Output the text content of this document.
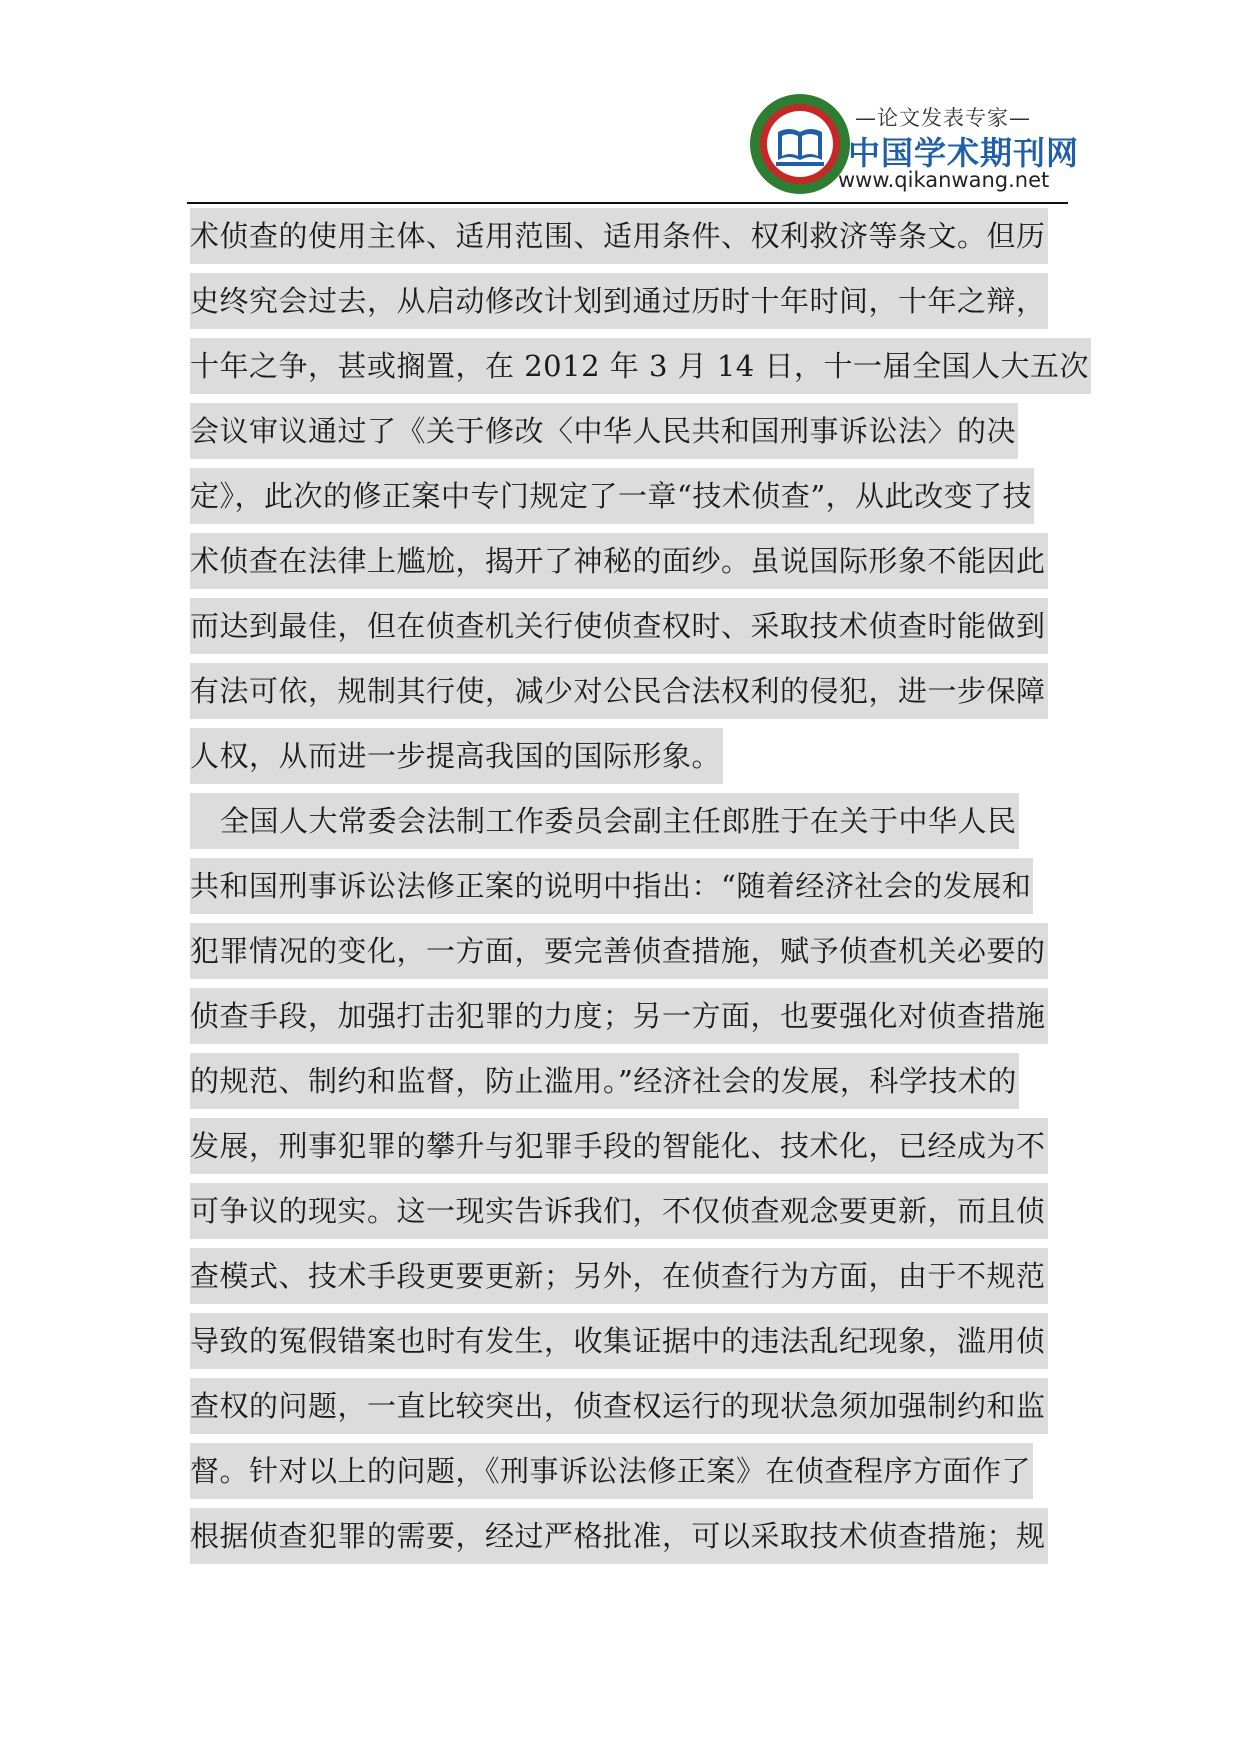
—论文发表专家—
中国学术期刊网
www.qikanwang.net
术侦查的使用主体、适用范围、适用条件、权利救济等条文。但历
史终究会过去，从启动修改计划到通过历时十年时间，十年之辩，
十年之争，甚或搁置，在 2012 年 3 月 14 日，十一届全国人大五次
会议审议通过了《关于修改〈中华人民共和国刑事诉讼法〉的决
定》，此次的修正案中专门规定了一章“技术侦查”，从此改变了技
术侦查在法律上尴尬，揭开了神秘的面纱。虽说国际形象不能因此
而达到最佳，但在侦查机关行使侦查权时、采取技术侦查时能做到
有法可依，规制其行使，减少对公民合法权利的侵犯，进一步保障
人权，从而进一步提高我国的国际形象。
全国人大常委会法制工作委员会副主任郎胜于在关于中华人民
共和国刑事诉讼法修正案的说明中指出：“随着经济社会的发展和
犯罪情况的变化，一方面，要完善侦查措施，赋予侦查机关必要的
侦查手段，加强打击犯罪的力度；另一方面，也要强化对侦查措施
的规范、制约和监督，防止滥用。”经济社会的发展，科学技术的
发展，刑事犯罪的攀升与犯罪手段的智能化、技术化，已经成为不
可争议的现实。这一现实告诉我们，不仅侦查观念要更新，而且侦
查模式、技术手段更要更新；另外，在侦查行为方面，由于不规范
导致的冤假错案也时有发生，收集证据中的违法乱纪现象，滥用侦
查权的问题，一直比较突出，侦查权运行的现状急须加强制约和监
督。针对以上的问题，《刑事诉讼法修正案》在侦查程序方面作了
根据侦查犯罪的需要，经过严格批准，可以采取技术侦查措施；规
